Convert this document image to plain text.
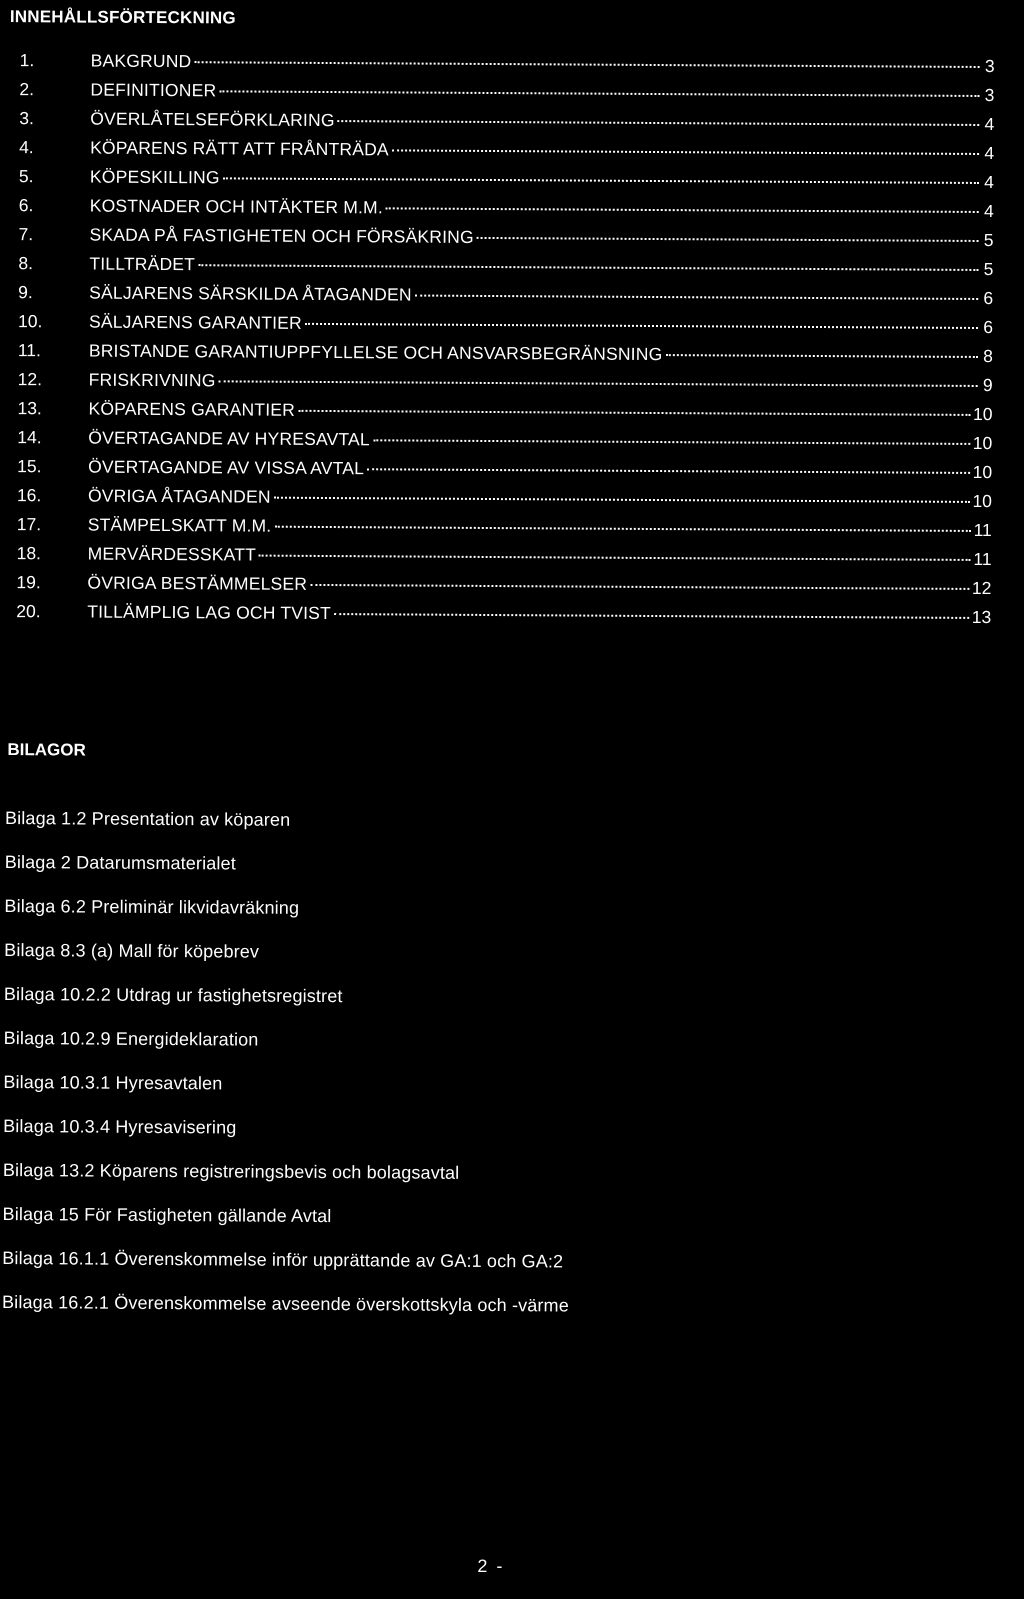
INNEHÅLLSFÖRTECKNING
1.	BAKGRUND	3
2.	DEFINITIONER	3
3.	ÖVERLÅTELSEFÖRKLARING	4
4.	KÖPARENS RÄTT ATT FRÅNTRÄDA	4
5.	KÖPESKILLING	4
6.	KOSTNADER OCH INTÄKTER M.M.	4
7.	SKADA PÅ FASTIGHETEN OCH FÖRSÄKRING	5
8.	TILLTRÄDET	5
9.	SÄLJARENS SÄRSKILDA ÅTAGANDEN	6
10.	SÄLJARENS GARANTIER	6
11.	BRISTANDE GARANTIUPPFYLLELSE OCH ANSVARSBEGRÄNSNING	8
12.	FRISKRIVNING	9
13.	KÖPARENS GARANTIER	10
14.	ÖVERTAGANDE AV HYRESAVTAL	10
15.	ÖVERTAGANDE AV VISSA AVTAL	10
16.	ÖVRIGA ÅTAGANDEN	10
17.	STÄMPELSKATT M.M.	11
18.	MERVÄRDESSKATT	11
19.	ÖVRIGA BESTÄMMELSER	12
20.	TILLÄMPLIG LAG OCH TVIST	13
BILAGOR
Bilaga 1.2 Presentation av köparen
Bilaga 2 Datarumsmaterialet
Bilaga 6.2 Preliminär likvidavräkning
Bilaga 8.3 (a) Mall för köpebrev
Bilaga 10.2.2 Utdrag ur fastighetsregistret
Bilaga 10.2.9 Energideklaration
Bilaga 10.3.1 Hyresavtalen
Bilaga 10.3.4 Hyresavisering
Bilaga 13.2 Köparens registreringsbevis och bolagsavtal
Bilaga 15 För Fastigheten gällande Avtal
Bilaga 16.1.1 Överenskommelse inför upprättande av GA:1 och GA:2
Bilaga 16.2.1 Överenskommelse avseende överskottskyla och -värme
2 -
